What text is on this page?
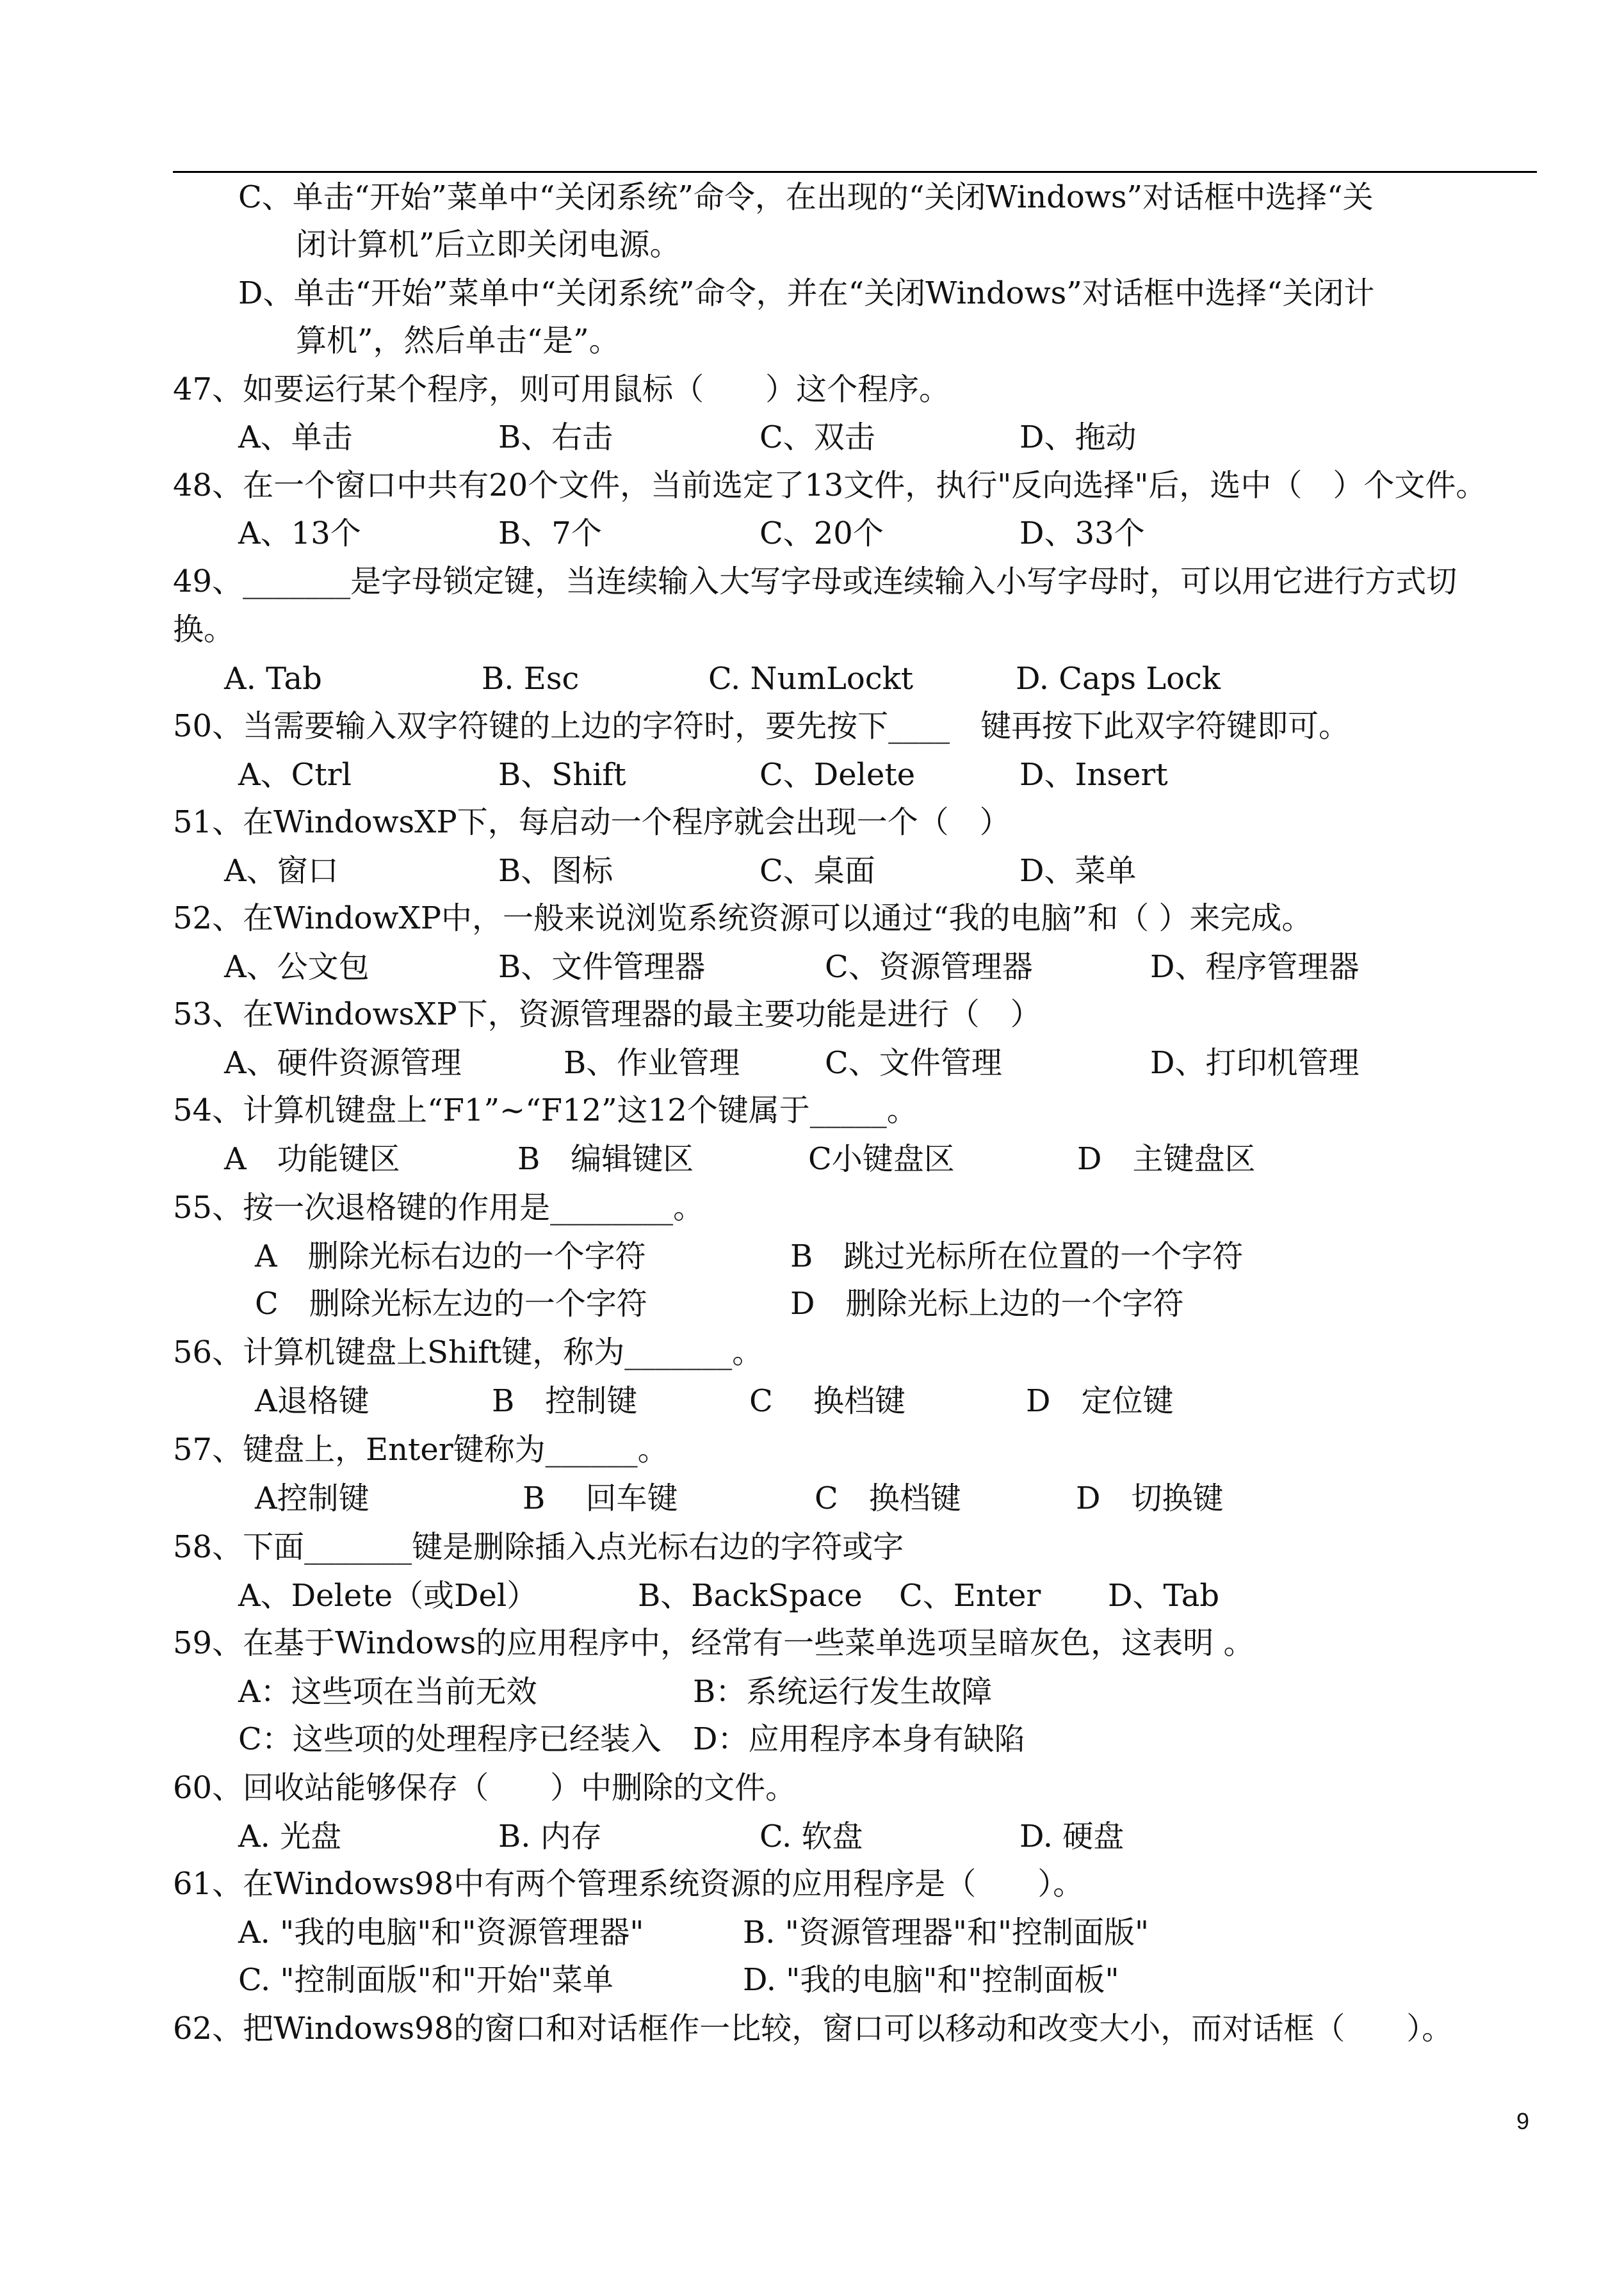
C、单击“开始”菜单中“关闭系统”命令，在出现的“关闭Windows”对话框中选择“关
闭计算机”后立即关闭电源。
D、单击“开始”菜单中“关闭系统”命令，并在“关闭Windows”对话框中选择“关闭计
算机”，然后单击“是”。
47、如要运行某个程序，则可用鼠标（　　）这个程序。
A、单击	B、右击	C、双击	D、拖动
48、在一个窗口中共有20个文件，当前选定了13文件，执行"反向选择"后，选中（　）个文件。
A、13个	B、7个	C、20个	D、33个
49、_______是字母锁定键，当连续输入大写字母或连续输入小写字母时，可以用它进行方式切
换。
A. Tab	B. Esc	C. NumLockt	D. Caps Lock
50、当需要输入双字符键的上边的字符时，要先按下____　键再按下此双字符键即可。
A、Ctrl	B、Shift	C、Delete	D、Insert
51、在WindowsXP下，每启动一个程序就会出现一个（　）
A、窗口	B、图标	C、桌面	D、菜单
52、在WindowXP中，一般来说浏览系统资源可以通过“我的电脑”和（ ）来完成。
A、公文包	B、文件管理器	C、资源管理器	D、程序管理器
53、在WindowsXP下，资源管理器的最主要功能是进行（　）
A、硬件资源管理	B、作业管理	C、文件管理	D、打印机管理
54、计算机键盘上“F1”~“F12”这12个键属于_____。
A　功能键区	B　编辑键区	C小键盘区	D　主键盘区
55、按一次退格键的作用是________。
A　删除光标右边的一个字符	B　跳过光标所在位置的一个字符
C　删除光标左边的一个字符	D　删除光标上边的一个字符
56、计算机键盘上Shift键，称为_______。
A退格键	B　控制键	C　 换档键	D　定位键
57、键盘上，Enter键称为______。
A控制键	B　 回车键	C　换档键	D　切换键
58、下面_______键是删除插入点光标右边的字符或字
A、Delete（或Del）	B、BackSpace C、Enter D、Tab
59、在基于Windows的应用程序中，经常有一些菜单选项呈暗灰色，这表明 。
A：这些项在当前无效	B：系统运行发生故障
C：这些项的处理程序已经装入 D：应用程序本身有缺陷
60、回收站能够保存（　　）中删除的文件。
A. 光盘	B. 内存	C. 软盘	D. 硬盘
61、在Windows98中有两个管理系统资源的应用程序是（　　）。
A. "我的电脑"和"资源管理器"	B. "资源管理器"和"控制面版"
C. "控制面版"和"开始"菜单	D. "我的电脑"和"控制面板"
62、把Windows98的窗口和对话框作一比较，窗口可以移动和改变大小，而对话框（　　）。
9
